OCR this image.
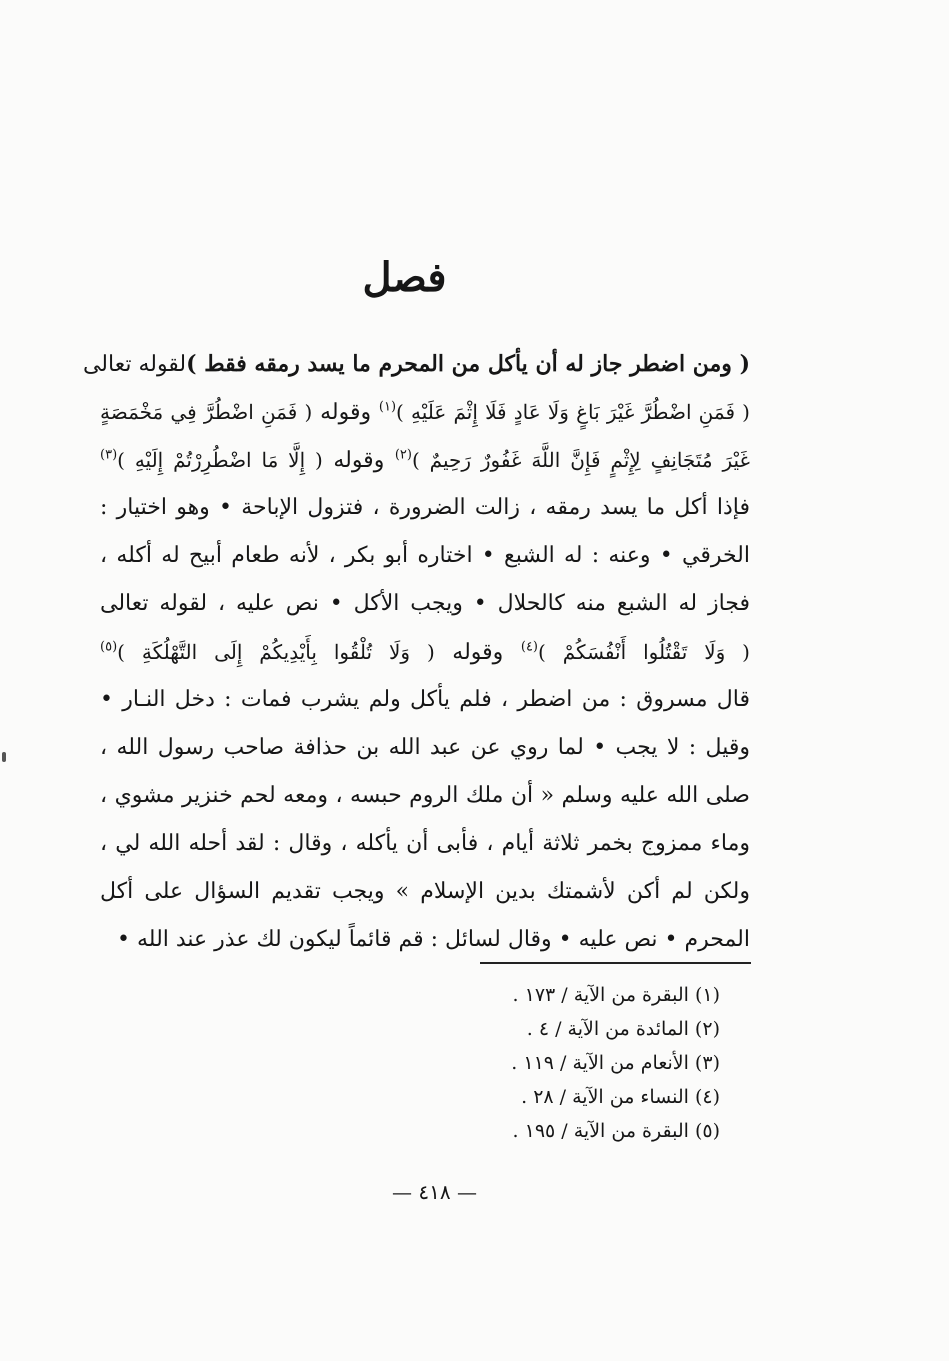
فصل
( ومن اضطر جاز له أن يأكل من المحرم ما يسد رمقه فقط )لقوله تعالى
( فَمَنِ اضْطُرَّ غَيْرَ بَاغٍ وَلَا عَادٍ فَلَا إِثْمَ عَلَيْهِ )$^{(١)}$ وقوله ( فَمَنِ اضْطُرَّ فِي مَخْمَصَةٍ
غَيْرَ مُتَجَانِفٍ لِإِثْمٍ فَإِنَّ اللَّهَ غَفُورٌ رَحِيمٌ )$^{(٢)}$ وقوله ( إِلَّا مَا اضْطُرِرْتُمْ إِلَيْهِ )$^{(٣)}$
فإذا أكل ما يسد رمقه ، زالت الضرورة ، فتزول الإباحة • وهو اختيار :
الخرقي • وعنه : له الشبع • اختاره أبو بكر ، لأنه طعام أبيح له أكله ،
فجاز له الشبع منه كالحلال • ويجب الأكل • نص عليه ، لقوله تعالى
( وَلَا تَقْتُلُوا أَنْفُسَكُمْ )$^{(٤)}$ وقوله ( وَلَا تُلْقُوا بِأَيْدِيكُمْ إِلَى التَّهْلُكَةِ )$^{(٥)}$
قال مسروق : من اضطر ، فلم يأكل ولم يشرب فمات : دخل النـار •
وقيل : لا يجب • لما روي عن عبد الله بن حذافة صاحب رسول الله ،
صلى الله عليه وسلم « أن ملك الروم حبسه ، ومعه لحم خنزير مشوي ،
وماء ممزوج بخمر ثلاثة أيام ، فأبى أن يأكله ، وقال : لقد أحله الله لي ،
ولكن لم أكن لأشمتك بدين الإسلام » ويجب تقديم السؤال على أكل
المحرم • نص عليه • وقال لسائل : قم قائماً ليكون لك عذر عند الله •
(١) البقرة من الآية / ١٧٣ .
(٢) المائدة من الآية / ٤ .
(٣) الأنعام من الآية / ١١٩ .
(٤) النساء من الآية / ٢٨ .
(٥) البقرة من الآية / ١٩٥ .
— ٤١٨ —
